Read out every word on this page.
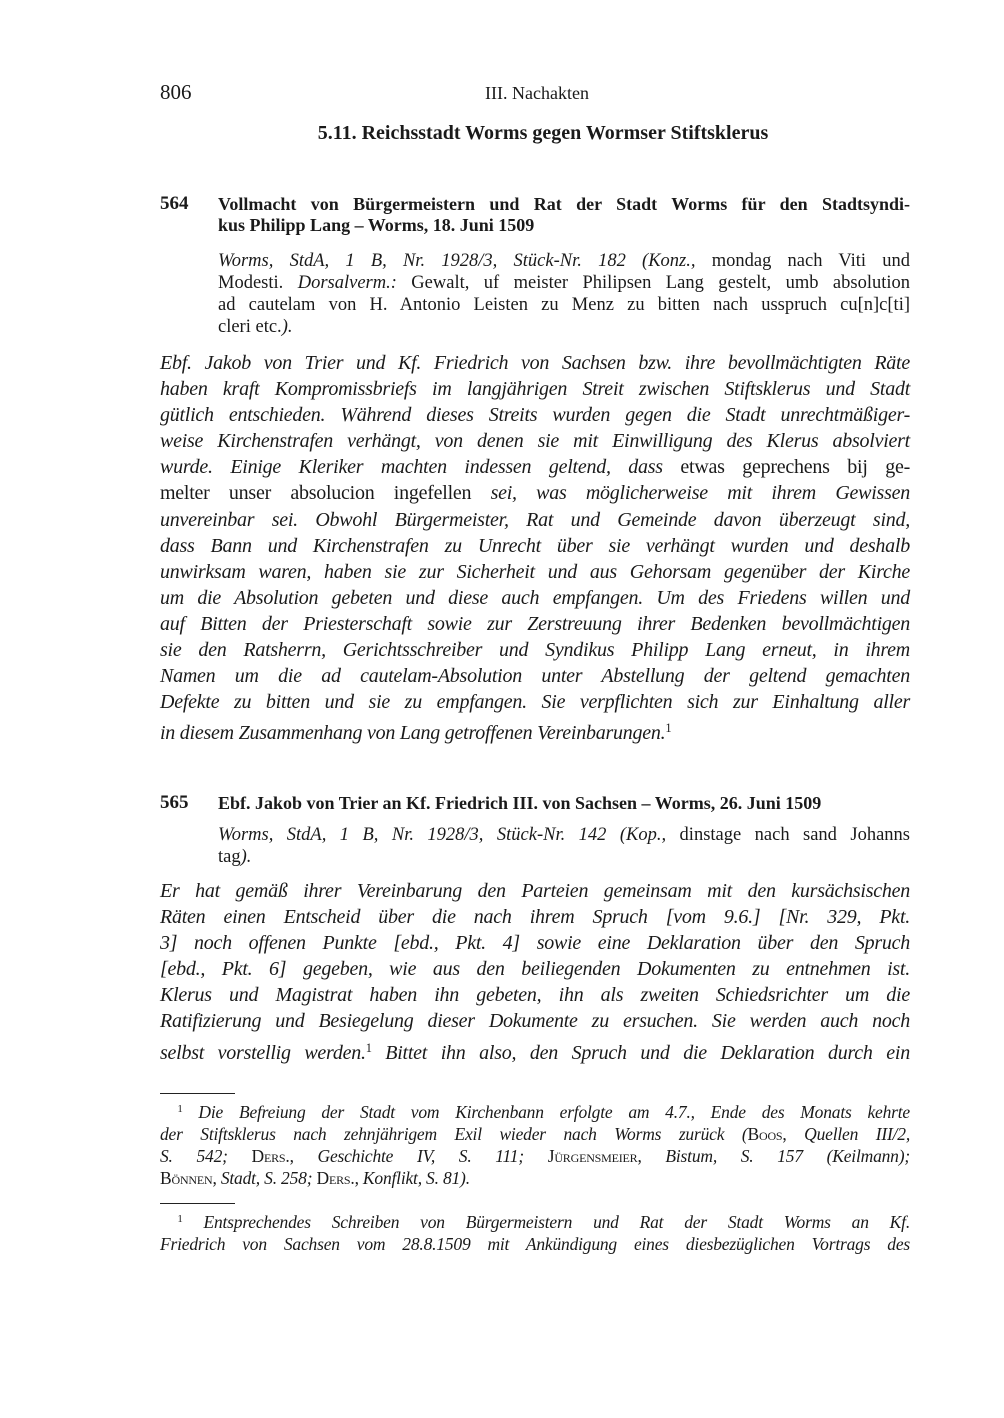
806	III. Nachakten
5.11. Reichsstadt Worms gegen Wormser Stiftsklerus
564 Vollmacht von Bürgermeistern und Rat der Stadt Worms für den Stadtsyndi-
kus Philipp Lang – Worms, 18. Juni 1509
Worms, StdA, 1 B, Nr. 1928/3, Stück-Nr. 182 (Konz., mondag nach Viti und
Modesti. Dorsalverm.: Gewalt, uf meister Philipsen Lang gestelt, umb absolution
ad cautelam von H. Antonio Leisten zu Menz zu bitten nach usspruch cu[n]c[ti]
cleri etc.).
Ebf. Jakob von Trier und Kf. Friedrich von Sachsen bzw. ihre bevollmächtigten Räte
haben kraft Kompromissbriefs im langjährigen Streit zwischen Stiftsklerus und Stadt
gütlich entschieden. Während dieses Streits wurden gegen die Stadt unrechtmäßiger-
weise Kirchenstrafen verhängt, von denen sie mit Einwilligung des Klerus absolviert
wurde. Einige Kleriker machten indessen geltend, dass etwas geprechens bij ge-
melter unser absolucion ingefellen sei, was möglicherweise mit ihrem Gewissen
unvereinbar sei. Obwohl Bürgermeister, Rat und Gemeinde davon überzeugt sind,
dass Bann und Kirchenstrafen zu Unrecht über sie verhängt wurden und deshalb
unwirksam waren, haben sie zur Sicherheit und aus Gehorsam gegenüber der Kirche
um die Absolution gebeten und diese auch empfangen. Um des Friedens willen und
auf Bitten der Priesterschaft sowie zur Zerstreuung ihrer Bedenken bevollmächtigen
sie den Ratsherrn, Gerichtsschreiber und Syndikus Philipp Lang erneut, in ihrem
Namen um die ad cautelam-Absolution unter Abstellung der geltend gemachten
Defekte zu bitten und sie zu empfangen. Sie verpflichten sich zur Einhaltung aller
in diesem Zusammenhang von Lang getroffenen Vereinbarungen.$^1$
565 Ebf. Jakob von Trier an Kf. Friedrich III. von Sachsen – Worms, 26. Juni 1509
Worms, StdA, 1 B, Nr. 1928/3, Stück-Nr. 142 (Kop., dinstage nach sand Johanns
tag).
Er hat gemäß ihrer Vereinbarung den Parteien gemeinsam mit den kursächsischen
Räten einen Entscheid über die nach ihrem Spruch [vom 9.6.] [Nr. 329, Pkt.
3] noch offenen Punkte [ebd., Pkt. 4] sowie eine Deklaration über den Spruch
[ebd., Pkt. 6] gegeben, wie aus den beiliegenden Dokumenten zu entnehmen ist.
Klerus und Magistrat haben ihn gebeten, ihn als zweiten Schiedsrichter um die
Ratifizierung und Besiegelung dieser Dokumente zu ersuchen. Sie werden auch noch
selbst vorstellig werden.$^1$ Bittet ihn also, den Spruch und die Deklaration durch ein
 $^1$ Die Befreiung der Stadt vom Kirchenbann erfolgte am 4.7., Ende des Monats kehrte
der Stiftsklerus nach zehnjährigem Exil wieder nach Worms zurück (Boos, Quellen III/2,
S. 542; Ders., Geschichte IV, S. 111; Jürgensmeier, Bistum, S. 157 (Keilmann);
Bönnen, Stadt, S. 258; Ders., Konflikt, S. 81).
 $^1$ Entsprechendes Schreiben von Bürgermeistern und Rat der Stadt Worms an Kf.
Friedrich von Sachsen vom 28.8.1509 mit Ankündigung eines diesbezüglichen Vortrags des
